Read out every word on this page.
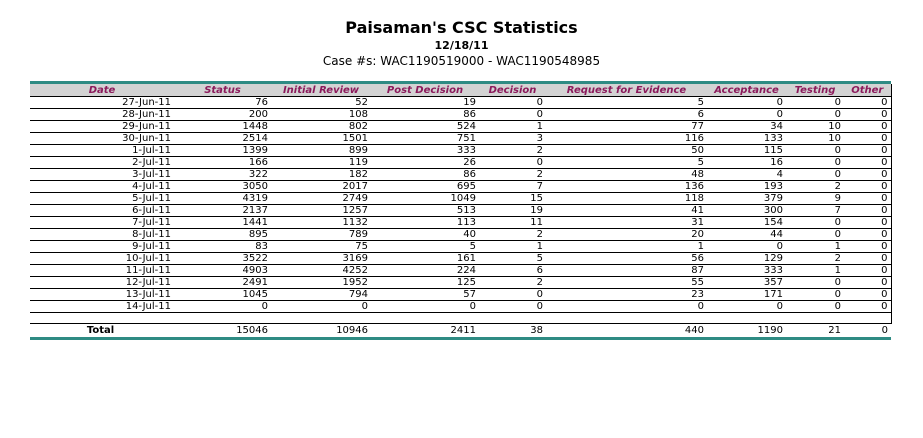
Paisaman's CSC Statistics
12/18/11
Case #s: WAC1190519000 - WAC1190548985
Date	Status	Initial Review	Post Decision	Decision	Request for Evidence	Acceptance	Testing	Other
27-Jun-11	76	52	19	0	5	0	0	0
28-Jun-11	200	108	86	0	6	0	0	0
29-Jun-11	1448	802	524	1	77	34	10	0
30-Jun-11	2514	1501	751	3	116	133	10	0
1-Jul-11	1399	899	333	2	50	115	0	0
2-Jul-11	166	119	26	0	5	16	0	0
3-Jul-11	322	182	86	2	48	4	0	0
4-Jul-11	3050	2017	695	7	136	193	2	0
5-Jul-11	4319	2749	1049	15	118	379	9	0
6-Jul-11	2137	1257	513	19	41	300	7	0
7-Jul-11	1441	1132	113	11	31	154	0	0
8-Jul-11	895	789	40	2	20	44	0	0
9-Jul-11	83	75	5	1	1	0	1	0
10-Jul-11	3522	3169	161	5	56	129	2	0
11-Jul-11	4903	4252	224	6	87	333	1	0
12-Jul-11	2491	1952	125	2	55	357	0	0
13-Jul-11	1045	794	57	0	23	171	0	0
14-Jul-11	0	0	0	0	0	0	0	0

Total	15046	10946	2411	38	440	1190	21	0
